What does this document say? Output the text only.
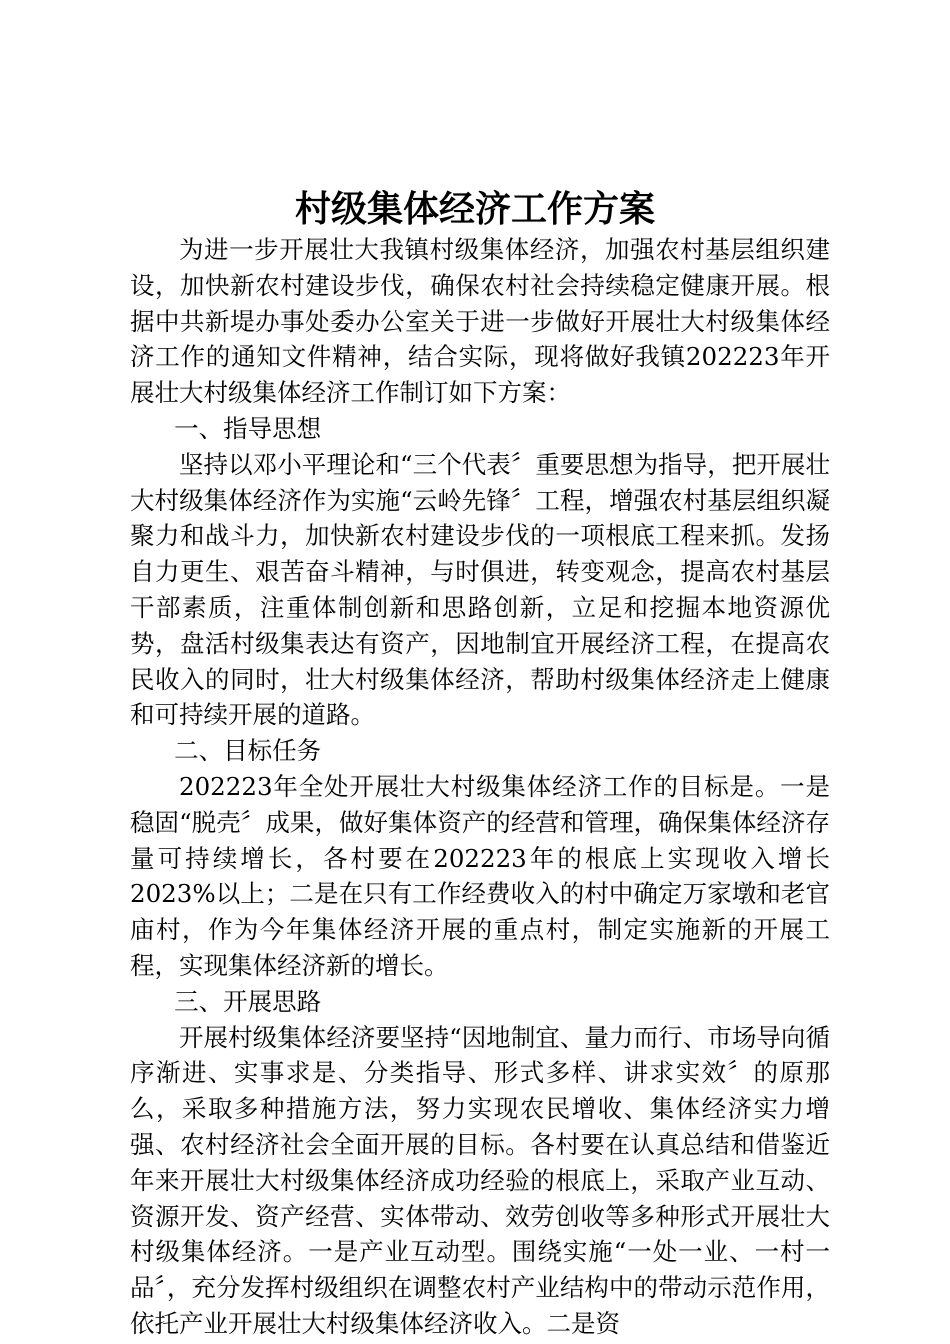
村级集体经济工作方案

为进一步开展壮大我镇村级集体经济，加强农村基层组织建设，加快新农村建设步伐，确保农村社会持续稳定健康开展。根据中共新堤办事处委办公室关于进一步做好开展壮大村级集体经济工作的通知文件精神，结合实际，现将做好我镇202223年开展壮大村级集体经济工作制订如下方案：

一、指导思想

坚持以邓小平理论和“三个代表〞重要思想为指导，把开展壮大村级集体经济作为实施“云岭先锋〞工程，增强农村基层组织凝聚力和战斗力，加快新农村建设步伐的一项根底工程来抓。发扬自力更生、艰苦奋斗精神，与时俱进，转变观念，提高农村基层干部素质，注重体制创新和思路创新，立足和挖掘本地资源优势，盘活村级集表达有资产，因地制宜开展经济工程，在提高农民收入的同时，壮大村级集体经济，帮助村级集体经济走上健康和可持续开展的道路。

二、目标任务

202223年全处开展壮大村级集体经济工作的目标是。一是稳固“脱壳〞成果，做好集体资产的经营和管理，确保集体经济存量可持续增长，各村要在202223年的根底上实现收入增长2023%以上；二是在只有工作经费收入的村中确定万家墩和老官庙村，作为今年集体经济开展的重点村，制定实施新的开展工程，实现集体经济新的增长。

三、开展思路

开展村级集体经济要坚持“因地制宜、量力而行、市场导向循序渐进、实事求是、分类指导、形式多样、讲求实效〞的原那么，采取多种措施方法，努力实现农民增收、集体经济实力增强、农村经济社会全面开展的目标。各村要在认真总结和借鉴近年来开展壮大村级集体经济成功经验的根底上，采取产业互动、资源开发、资产经营、实体带动、效劳创收等多种形式开展壮大村级集体经济。一是产业互动型。围绕实施“一处一业、一村一品〞，充分发挥村级组织在调整农村产业结构中的带动示范作用，依托产业开展壮大村级集体经济收入。二是资
